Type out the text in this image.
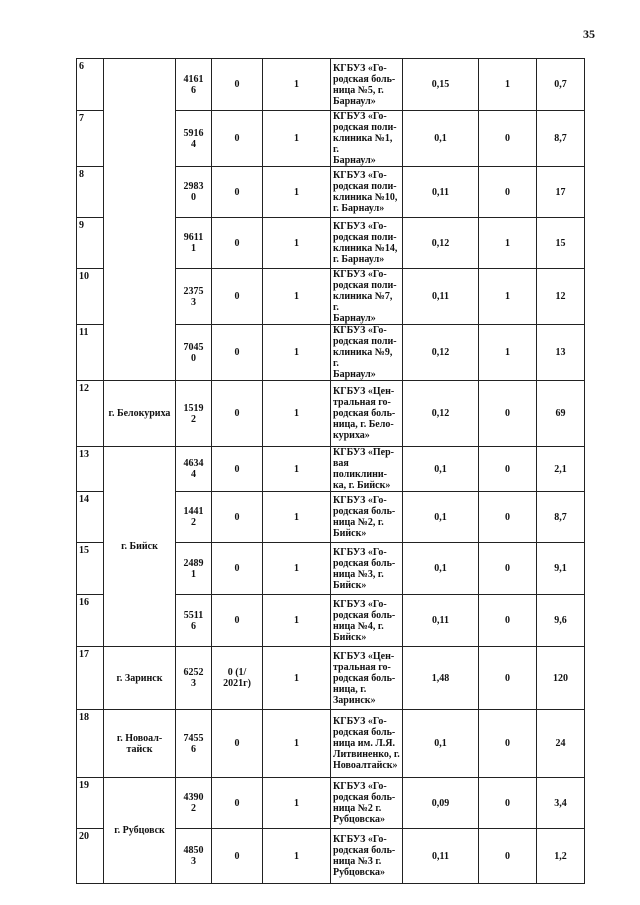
35
6		4161
6	0	1	КГБУЗ «Го-
родская боль-
ница №5, г.
Барнаул»	0,15	1	0,7
7		5916
4	0	1	КГБУЗ «Го-
родская поли-
клиника №1, г.
Барнаул»	0,1	0	8,7
8		2983
0	0	1	КГБУЗ «Го-
родская поли-
клиника №10,
г. Барнаул»	0,11	0	17
9		9611
1	0	1	КГБУЗ «Го-
родская поли-
клиника №14,
г. Барнаул»	0,12	1	15
10		2375
3	0	1	КГБУЗ «Го-
родская поли-
клиника №7, г.
Барнаул»	0,11	1	12
11		7045
0	0	1	КГБУЗ «Го-
родская поли-
клиника №9, г.
Барнаул»	0,12	1	13
12	г. Белокуриха	1519
2	0	1	КГБУЗ «Цен-
тральная го-
родская боль-
ница, г. Бело-
куриха»	0,12	0	69
13	г. Бийск	4634
4	0	1	КГБУЗ «Пер-
вая поликлини-
ка, г. Бийск»	0,1	0	2,1
14		1441
2	0	1	КГБУЗ «Го-
родская боль-
ница №2, г.
Бийск»	0,1	0	8,7
15		2489
1	0	1	КГБУЗ «Го-
родская боль-
ница №3, г.
Бийск»	0,1	0	9,1
16		5511
6	0	1	КГБУЗ «Го-
родская боль-
ница №4, г.
Бийск»	0,11	0	9,6
17	г. Заринск	6252
3	0 (1/
2021г)	1	КГБУЗ «Цен-
тральная го-
родская боль-
ница, г.
Заринск»	1,48	0	120
18	г. Новоал-
тайск	7455
6	0	1	КГБУЗ «Го-
родская боль-
ница им. Л.Я.
Литвиненко, г.
Новоалтайск»	0,1	0	24
19	г. Рубцовск	4390
2	0	1	КГБУЗ «Го-
родская боль-
ница №2 г.
Рубцовска»	0,09	0	3,4
20		4850
3	0	1	КГБУЗ «Го-
родская боль-
ница №3 г.
Рубцовска»	0,11	0	1,2
